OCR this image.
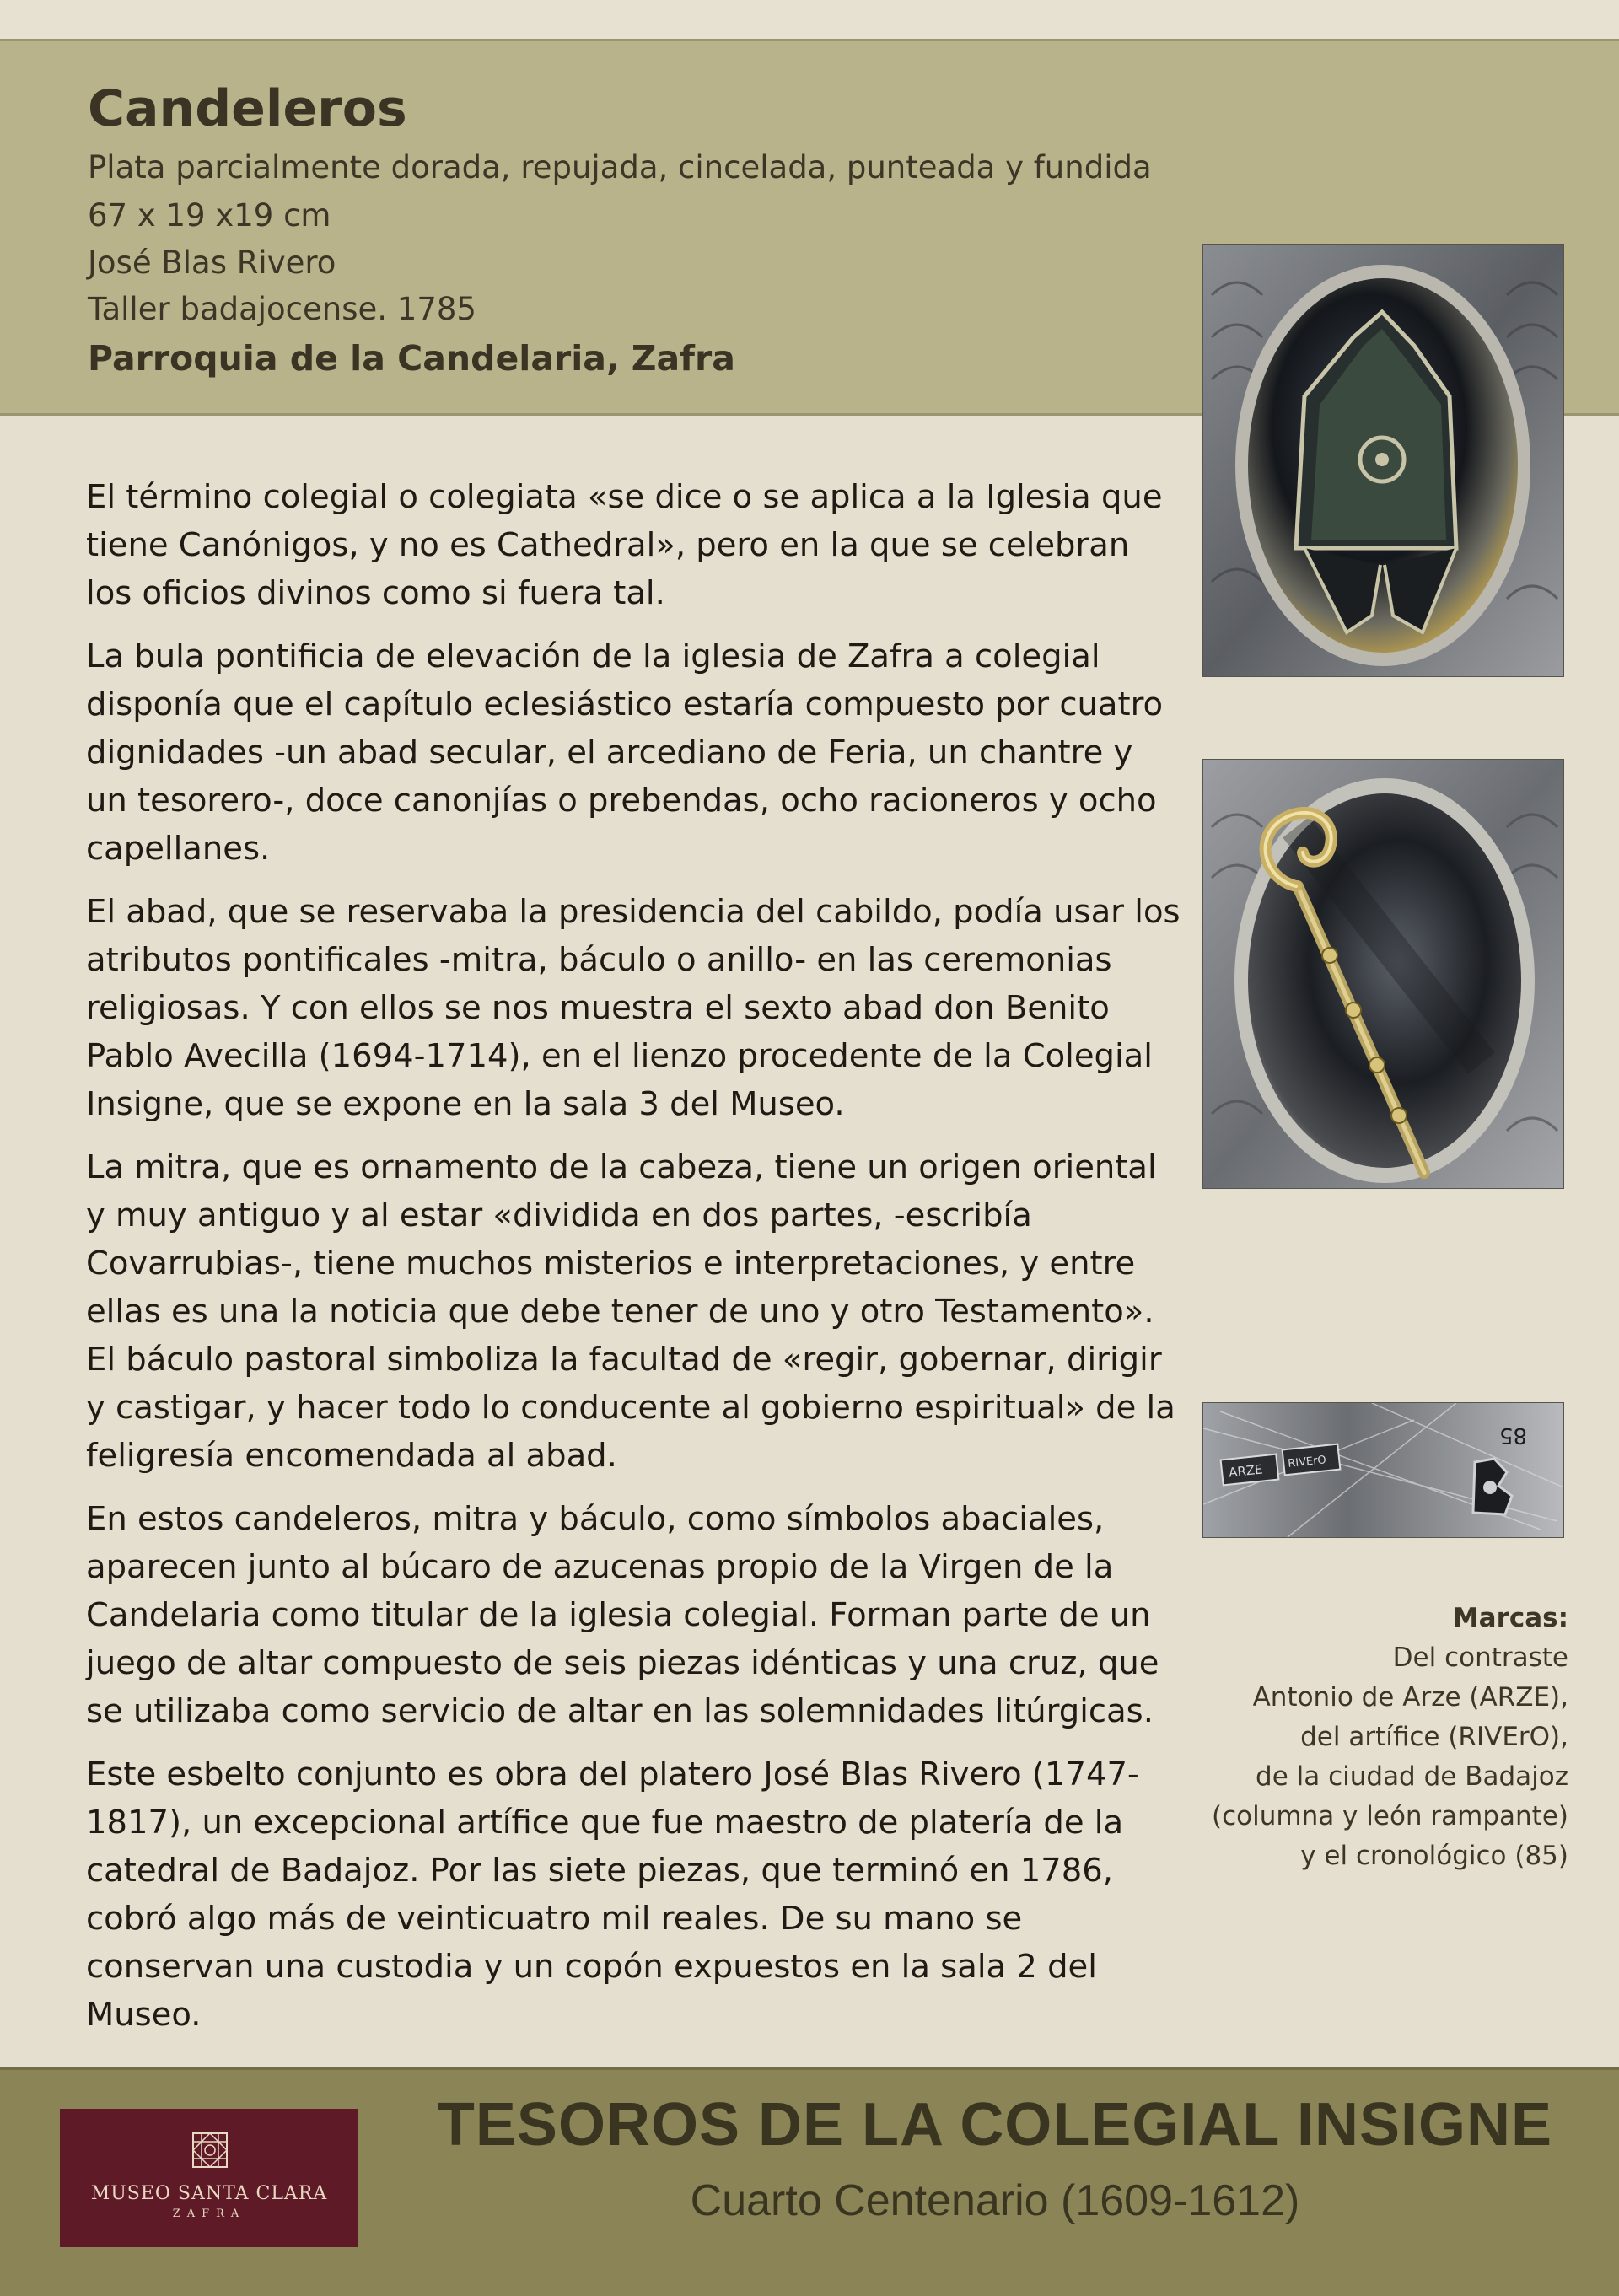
Candeleros
Plata parcialmente dorada, repujada, cincelada, punteada y fundida
67 x 19 x19 cm
José Blas Rivero
Taller badajocense. 1785
Parroquia de la Candelaria, Zafra

El término colegial o colegiata «se dice o se aplica a la Iglesia que tiene Canónigos, y no es Cathedral», pero en la que se celebran los oficios divinos como si fuera tal.

La bula pontificia de elevación de la iglesia de Zafra a colegial disponía que el capítulo eclesiástico estaría compuesto por cuatro dignidades -un abad secular, el arcediano de Feria, un chantre y un tesorero-, doce canonjías o prebendas, ocho racioneros y ocho capellanes.

El abad, que se reservaba la presidencia del cabildo, podía usar los atributos pontificales -mitra, báculo o anillo- en las ceremonias religiosas. Y con ellos se nos muestra el sexto abad don Benito Pablo Avecilla (1694-1714), en el lienzo procedente de la Colegial Insigne, que se expone en la sala 3 del Museo.

La mitra, que es ornamento de la cabeza, tiene un origen oriental y muy antiguo y al estar «dividida en dos partes, -escribía Covarrubias-, tiene muchos misterios e interpretaciones, y entre ellas es una la noticia que debe tener de uno y otro Testamento». El báculo pastoral simboliza la facultad de «regir, gobernar, dirigir y castigar, y hacer todo lo conducente al gobierno espiritual» de la feligresía encomendada al abad.

En estos candeleros, mitra y báculo, como símbolos abaciales, aparecen junto al búcaro de azucenas propio de la Virgen de la Candelaria como titular de la iglesia colegial. Forman parte de un juego de altar compuesto de seis piezas idénticas y una cruz, que se utilizaba como servicio de altar en las solemnidades litúrgicas.

Este esbelto conjunto es obra del platero José Blas Rivero (1747-1817), un excepcional artífice que fue maestro de platería de la catedral de Badajoz. Por las siete piezas, que terminó en 1786, cobró algo más de veinticuatro mil reales. De su mano se conservan una custodia y un copón expuestos en la sala 2 del Museo.

ARZE RIVErO
85
Marcas:
Del contraste
Antonio de Arze (ARZE),
del artífice (RIVErO),
de la ciudad de Badajoz
(columna y león rampante)
y el cronológico (85)
MUSEO SANTA CLARA
ZAFRA
TESOROS DE LA COLEGIAL INSIGNE
Cuarto Centenario (1609-1612)
